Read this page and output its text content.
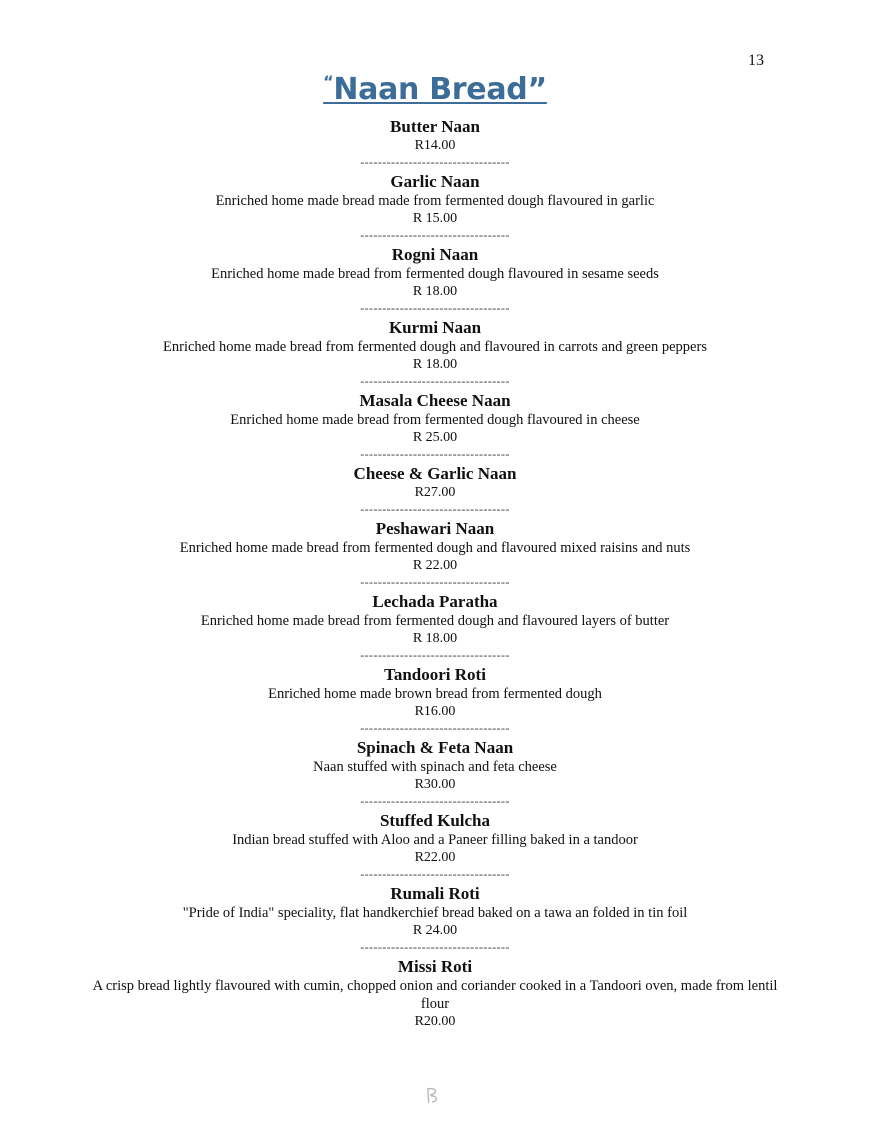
13
“Naan Bread”
Butter Naan
R14.00
----------------------------------
Garlic Naan
Enriched home made bread made from fermented dough flavoured in garlic
R 15.00
----------------------------------
Rogni Naan
Enriched home made bread from fermented dough flavoured in sesame seeds
R 18.00
----------------------------------
Kurmi Naan
Enriched home made bread from fermented dough and flavoured in carrots and green peppers
R 18.00
----------------------------------
Masala Cheese Naan
Enriched home made bread from fermented dough flavoured in cheese
R 25.00
----------------------------------
Cheese & Garlic Naan
R27.00
----------------------------------
Peshawari Naan
Enriched home made bread from fermented dough and flavoured mixed raisins and nuts
R 22.00
----------------------------------
Lechada Paratha
Enriched home made bread from fermented dough and flavoured layers of butter
R 18.00
----------------------------------
Tandoori Roti
Enriched home made brown bread from fermented dough
R16.00
----------------------------------
Spinach & Feta Naan
Naan stuffed with spinach and feta cheese
R30.00
----------------------------------
Stuffed Kulcha
Indian bread stuffed with Aloo and a Paneer filling baked in a tandoor
R22.00
----------------------------------
Rumali Roti
"Pride of India" speciality, flat handkerchief bread baked on a tawa an folded in tin foil
R 24.00
----------------------------------
Missi Roti
A crisp bread lightly flavoured with cumin, chopped onion and coriander cooked in a Tandoori oven, made from lentil flour
R20.00
